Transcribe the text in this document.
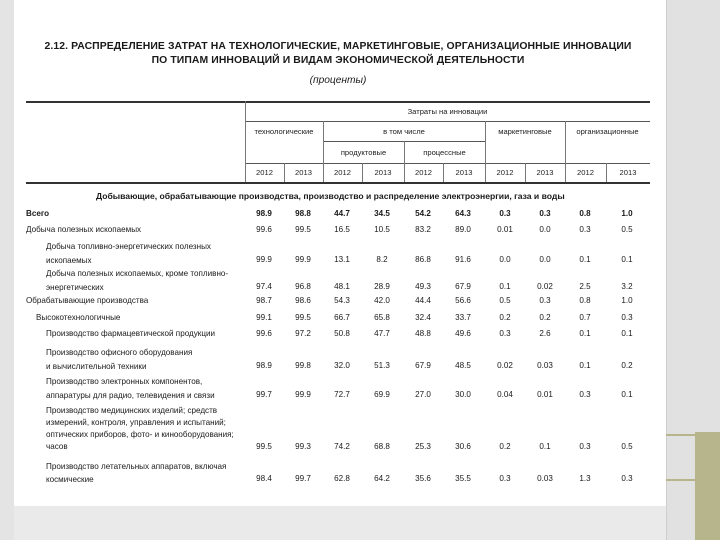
2.12. РАСПРЕДЕЛЕНИЕ ЗАТРАТ НА ТЕХНОЛОГИЧЕСКИЕ, МАРКЕТИНГОВЫЕ, ОРГАНИЗАЦИОННЫЕ ИННОВАЦИИ
ПО ТИПАМ ИННОВАЦИЙ И ВИДАМ ЭКОНОМИЧЕСКОЙ ДЕЯТЕЛЬНОСТИ
(проценты)
Затраты на инновации
технологические	в том числе	маркетинговые	организационные
продуктовые	процессные
2012	2013	2012	2013	2012	2013	2012	2013	2012	2013
Добывающие, обрабатывающие производства, производство и распределение электроэнергии, газа и воды
Всего	98.9	98.8	44.7	34.5	54.2	64.3	0.3	0.3	0.8	1.0
Добыча полезных ископаемых	99.6	99.5	16.5	10.5	83.2	89.0	0.01	0.0	0.3	0.5
Добыча топливно-энергетических полезных
ископаемых	99.9	99.9	13.1	8.2	86.8	91.6	0.0	0.0	0.1	0.1
Добыча полезных ископаемых, кроме топливно-
энергетических	97.4	96.8	48.1	28.9	49.3	67.9	0.1	0.02	2.5	3.2
Обрабатывающие производства	98.7	98.6	54.3	42.0	44.4	56.6	0.5	0.3	0.8	1.0
Высокотехнологичные	99.1	99.5	66.7	65.8	32.4	33.7	0.2	0.2	0.7	0.3
Производство фармацевтической продукции	99.6	97.2	50.8	47.7	48.8	49.6	0.3	2.6	0.1	0.1
Производство офисного оборудования
и вычислительной техники	98.9	99.8	32.0	51.3	67.9	48.5	0.02	0.03	0.1	0.2
Производство электронных компонентов,
аппаратуры для радио, телевидения и связи	99.7	99.9	72.7	69.9	27.0	30.0	0.04	0.01	0.3	0.1
Производство медицинских изделий; средств
измерений, контроля, управления и испытаний;
оптических приборов, фото- и кинооборудования;
часов	99.5	99.3	74.2	68.8	25.3	30.6	0.2	0.1	0.3	0.5
Производство летательных аппаратов, включая
космические	98.4	99.7	62.8	64.2	35.6	35.5	0.3	0.03	1.3	0.3
